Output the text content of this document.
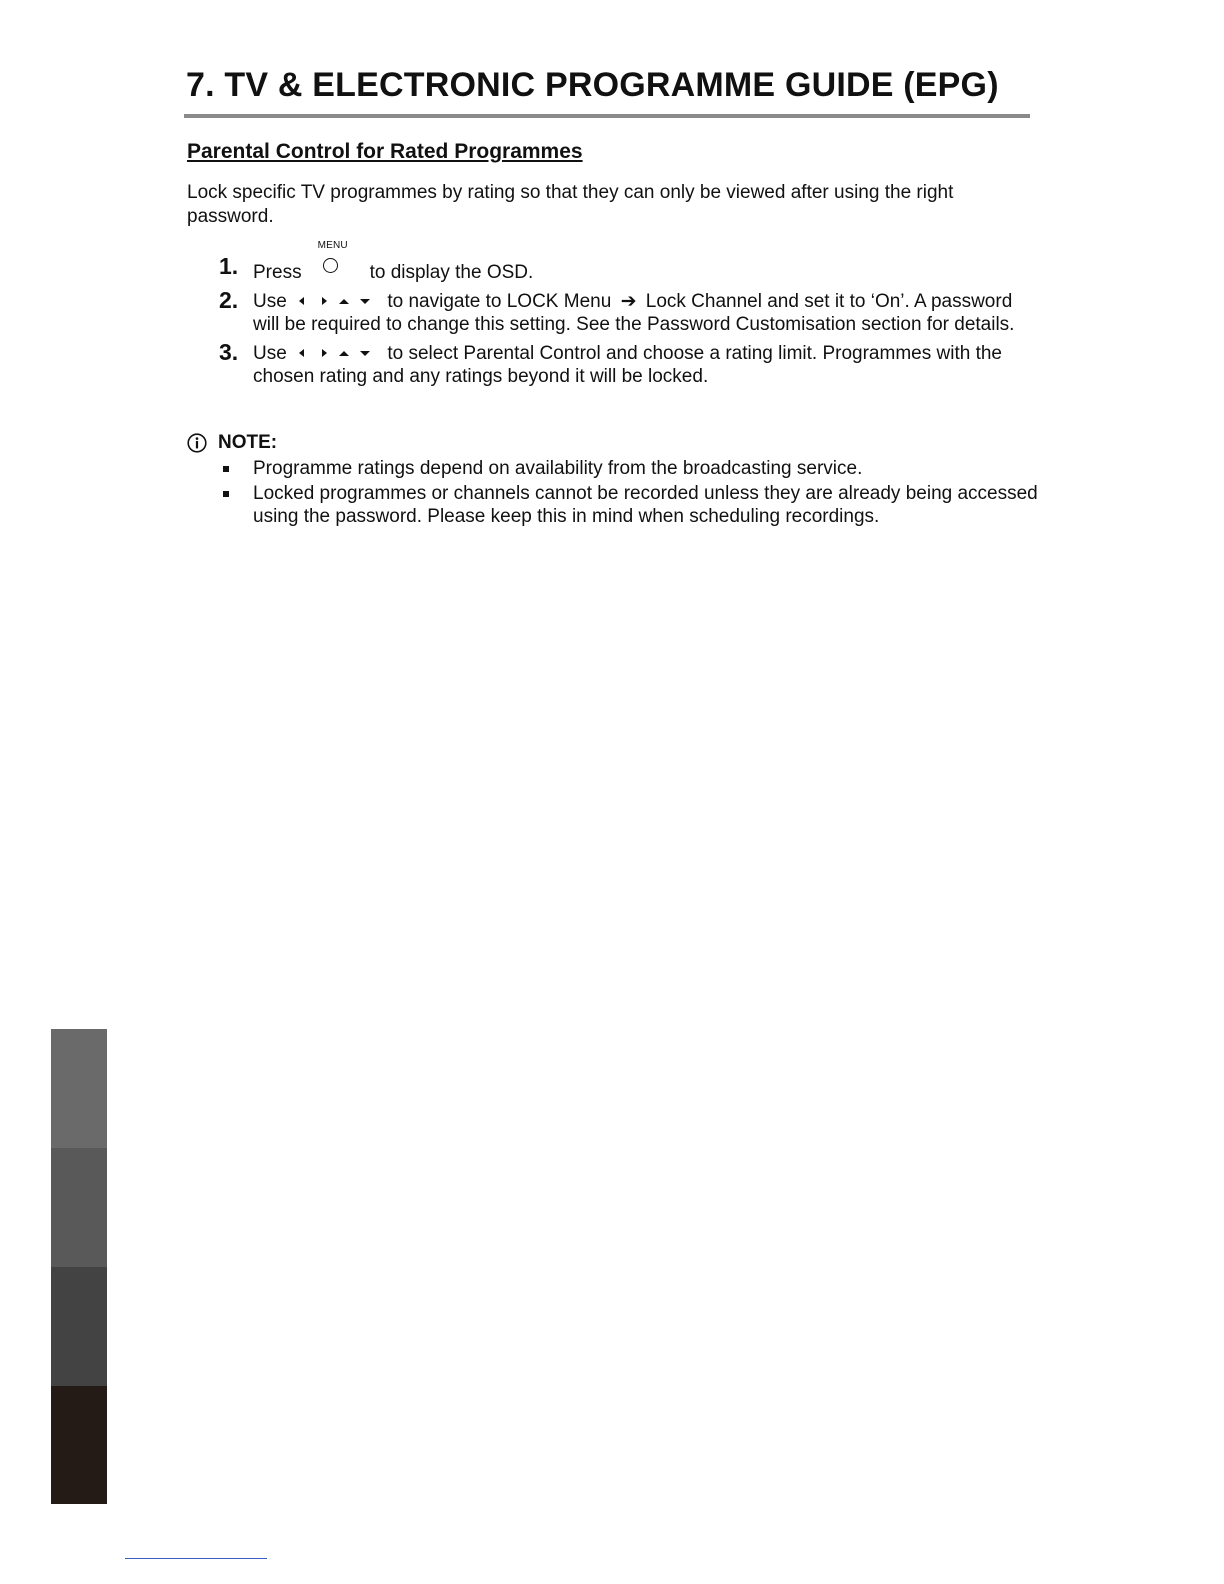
7. TV & ELECTRONIC PROGRAMME GUIDE (EPG)
Parental Control for Rated Programmes

Lock specific TV programmes by rating so that they can only be viewed after using the right password.

1. Press
MENU
to display the OSD.
2. Use	to navigate to LOCK Menu ➔ Lock Channel and set it to ‘On’. A password will be required to change this setting. See the Password Customisation section for details.
3. Use	to select Parental Control and choose a rating limit. Programmes with the chosen rating and any ratings beyond it will be locked.
NOTE:
Programme ratings depend on availability from the broadcasting service.
Locked programmes or channels cannot be recorded unless they are already being accessed using the password. Please keep this in mind when scheduling recordings.
